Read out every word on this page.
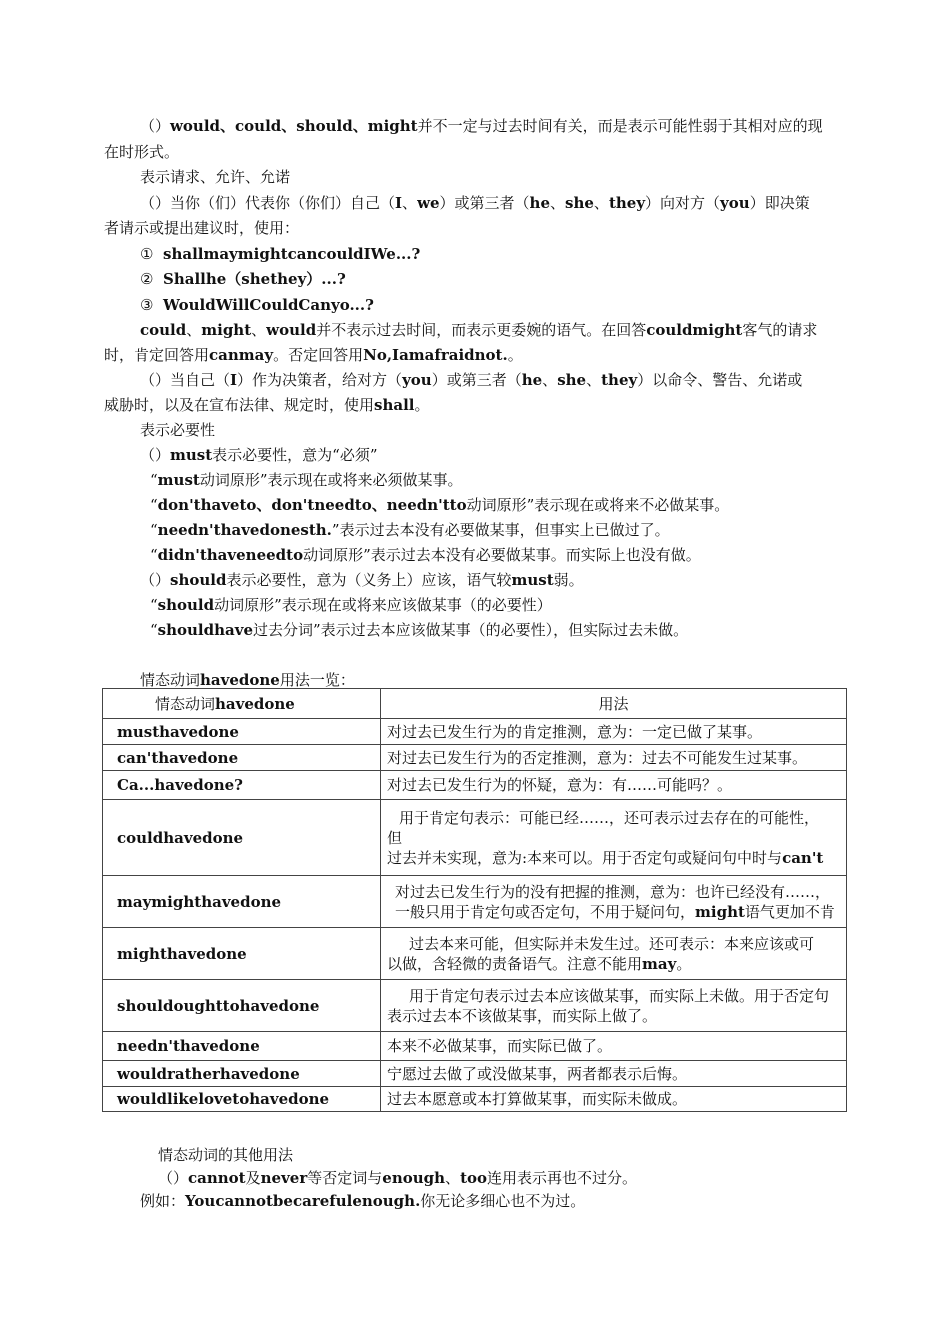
（）would、could、should、might并不一定与过去时间有关，而是表示可能性弱于其相对应的现
在时形式。
表示请求、允许、允诺
（）当你（们）代表你（你们）自己（I、we）或第三者（he、she、they）向对方（you）即决策
者请示或提出建议时，使用：
① shallmaymightcancouldIWe...?
② Shallhe（shethey）...?
③ WouldWillCouldCanyo...?
could、might、would并不表示过去时间，而表示更委婉的语气。在回答couldmight客气的请求
时，肯定回答用canmay。否定回答用No,Iamafraidnot.。
（）当自己（I）作为决策者，给对方（you）或第三者（he、she、they）以命令、警告、允诺或
威胁时，以及在宣布法律、规定时，使用shall。
表示必要性
（）must表示必要性，意为“必须”
“must动词原形”表示现在或将来必须做某事。
“don'thaveto、don'tneedto、needn'tto动词原形”表示现在或将来不必做某事。
“needn'thavedonesth.”表示过去本没有必要做某事，但事实上已做过了。
“didn'thaveneedto动词原形”表示过去本没有必要做某事。而实际上也没有做。
（）should表示必要性，意为（义务上）应该，语气较must弱。
“should动词原形”表示现在或将来应该做某事（的必要性）
“shouldhave过去分词”表示过去本应该做某事（的必要性），但实际过去未做。
情态动词havedone用法一览：
情态动词havedone	用法
musthavedone	对过去已发生行为的肯定推测，意为：一定已做了某事。
can'thavedone	对过去已发生行为的否定推测，意为：过去不可能发生过某事。
Ca...havedone?	对过去已发生行为的怀疑，意为：有……可能吗？。
couldhavedone	用于肯定句表示：可能已经……，还可表示过去存在的可能性，
但
过去并未实现，意为:本来可以。用于否定句或疑问句中时与can't

maymighthavedone	对过去已发生行为的没有把握的推测，意为：也许已经没有……，
一般只用于肯定句或否定句，不用于疑问句，might语气更加不肯

mighthavedone	过去本来可能，但实际并未发生过。还可表示：本来应该或可
以做，含轻微的责备语气。注意不能用may。

shouldoughttohavedone	用于肯定句表示过去本应该做某事，而实际上未做。用于否定句
表示过去本不该做某事，而实际上做了。

needn'thavedone	本来不必做某事，而实际已做了。
wouldratherhavedone	宁愿过去做了或没做某事，两者都表示后悔。
wouldlikelovetohavedone	过去本愿意或本打算做某事，而实际未做成。
情态动词的其他用法
（）cannot及never等否定词与enough、too连用表示再也不过分。
例如：Youcannotbecarefulenough.你无论多细心也不为过。
